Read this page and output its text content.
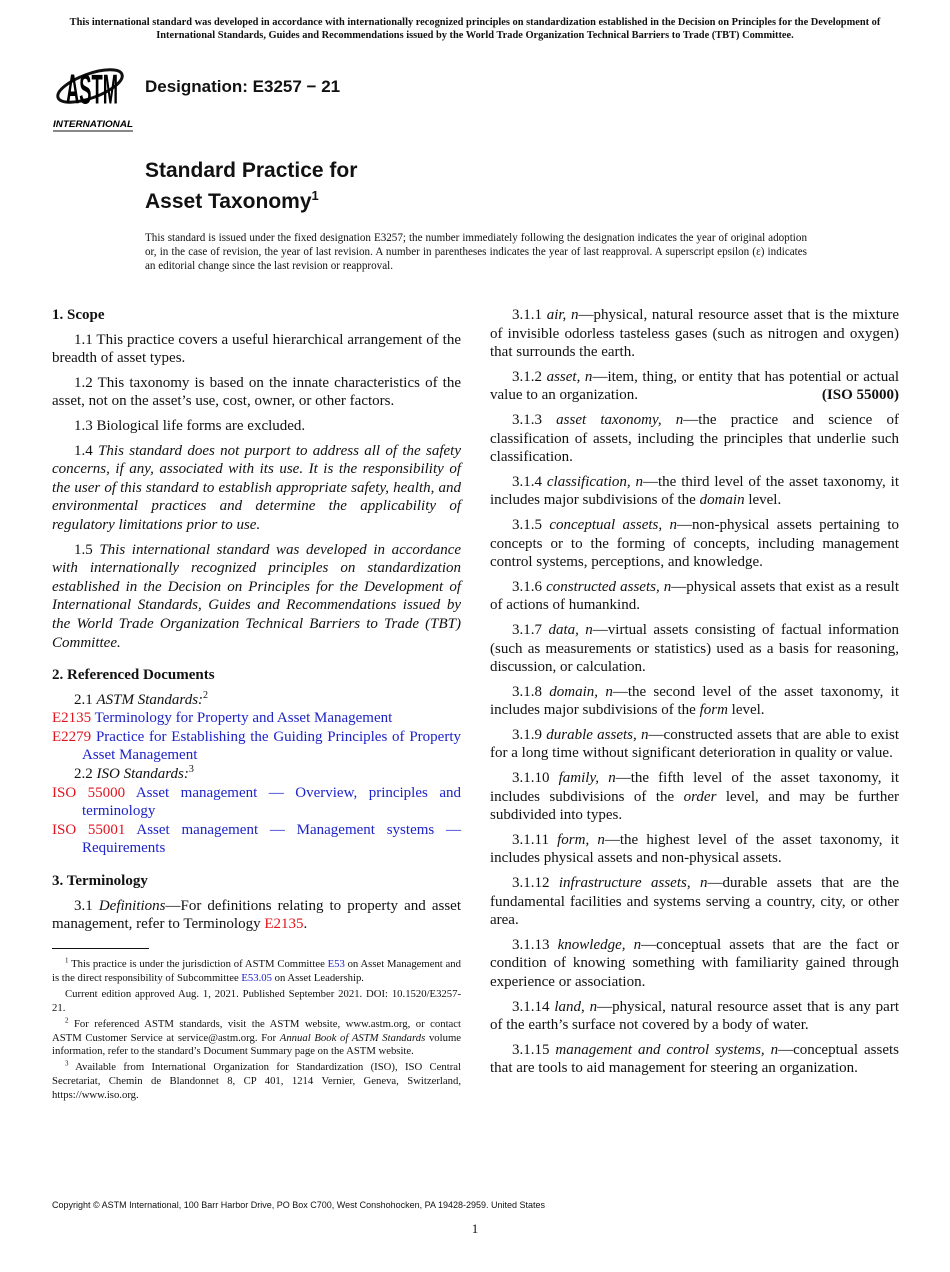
This international standard was developed in accordance with internationally recognized principles on standardization established in the Decision on Principles for the Development of International Standards, Guides and Recommendations issued by the World Trade Organization Technical Barriers to Trade (TBT) Committee.
ASTM
INTERNATIONAL
Designation: E3257 − 21
Standard Practice for
Asset Taxonomy$^1$
This standard is issued under the fixed designation E3257; the number immediately following the designation indicates the year of original adoption or, in the case of revision, the year of last revision. A number in parentheses indicates the year of last reapproval. A superscript epsilon (ε) indicates an editorial change since the last revision or reapproval.
1. Scope

1.1 This practice covers a useful hierarchical arrangement of the breadth of asset types.

1.2 This taxonomy is based on the innate characteristics of the asset, not on the asset’s use, cost, owner, or other factors.

1.3 Biological life forms are excluded.

1.4 This standard does not purport to address all of the safety concerns, if any, associated with its use. It is the responsibility of the user of this standard to establish appropriate safety, health, and environmental practices and determine the applicability of regulatory limitations prior to use.

1.5 This international standard was developed in accordance with internationally recognized principles on standardization established in the Decision on Principles for the Development of International Standards, Guides and Recommendations issued by the World Trade Organization Technical Barriers to Trade (TBT) Committee.

2. Referenced Documents

2.1 ASTM Standards:$^2$

E2135 Terminology for Property and Asset Management

E2279 Practice for Establishing the Guiding Principles of Property Asset Management

2.2 ISO Standards:$^3$

ISO 55000 Asset management — Overview, principles and terminology

ISO 55001 Asset management — Management systems — Requirements

3. Terminology

3.1 Definitions—For definitions relating to property and asset management, refer to Terminology E2135.

3.1.1 air, n—physical, natural resource asset that is the mixture of invisible odorless tasteless gases (such as nitrogen and oxygen) that surrounds the earth.

3.1.2 asset, n—item, thing, or entity that has potential or actual value to an organization.	(ISO 55000)

3.1.3 asset taxonomy, n—the practice and science of classification of assets, including the principles that underlie such classification.

3.1.4 classification, n—the third level of the asset taxonomy, it includes major subdivisions of the domain level.

3.1.5 conceptual assets, n—non-physical assets pertaining to concepts or to the forming of concepts, including management control systems, perceptions, and knowledge.

3.1.6 constructed assets, n—physical assets that exist as a result of actions of humankind.

3.1.7 data, n—virtual assets consisting of factual information (such as measurements or statistics) used as a basis for reasoning, discussion, or calculation.

3.1.8 domain, n—the second level of the asset taxonomy, it includes major subdivisions of the form level.

3.1.9 durable assets, n—constructed assets that are able to exist for a long time without significant deterioration in quality or value.

3.1.10 family, n—the fifth level of the asset taxonomy, it includes subdivisions of the order level, and may be further subdivided into types.

3.1.11 form, n—the highest level of the asset taxonomy, it includes physical assets and non-physical assets.

3.1.12 infrastructure assets, n—durable assets that are the fundamental facilities and systems serving a country, city, or other area.

3.1.13 knowledge, n—conceptual assets that are the fact or condition of knowing something with familiarity gained through experience or association.

3.1.14 land, n—physical, natural resource asset that is any part of the earth’s surface not covered by a body of water.

3.1.15 management and control systems, n—conceptual assets that are tools to aid management for steering an organization.

$^1$ This practice is under the jurisdiction of ASTM Committee E53 on Asset Management and is the direct responsibility of Subcommittee E53.05 on Asset Leadership.

Current edition approved Aug. 1, 2021. Published September 2021. DOI: 10.1520/E3257-21.

$^2$ For referenced ASTM standards, visit the ASTM website, www.astm.org, or contact ASTM Customer Service at service@astm.org. For Annual Book of ASTM Standards volume information, refer to the standard’s Document Summary page on the ASTM website.

$^3$ Available from International Organization for Standardization (ISO), ISO Central Secretariat, Chemin de Blandonnet 8, CP 401, 1214 Vernier, Geneva, Switzerland, https://www.iso.org.

Copyright © ASTM International, 100 Barr Harbor Drive, PO Box C700, West Conshohocken, PA 19428-2959. United States
1
